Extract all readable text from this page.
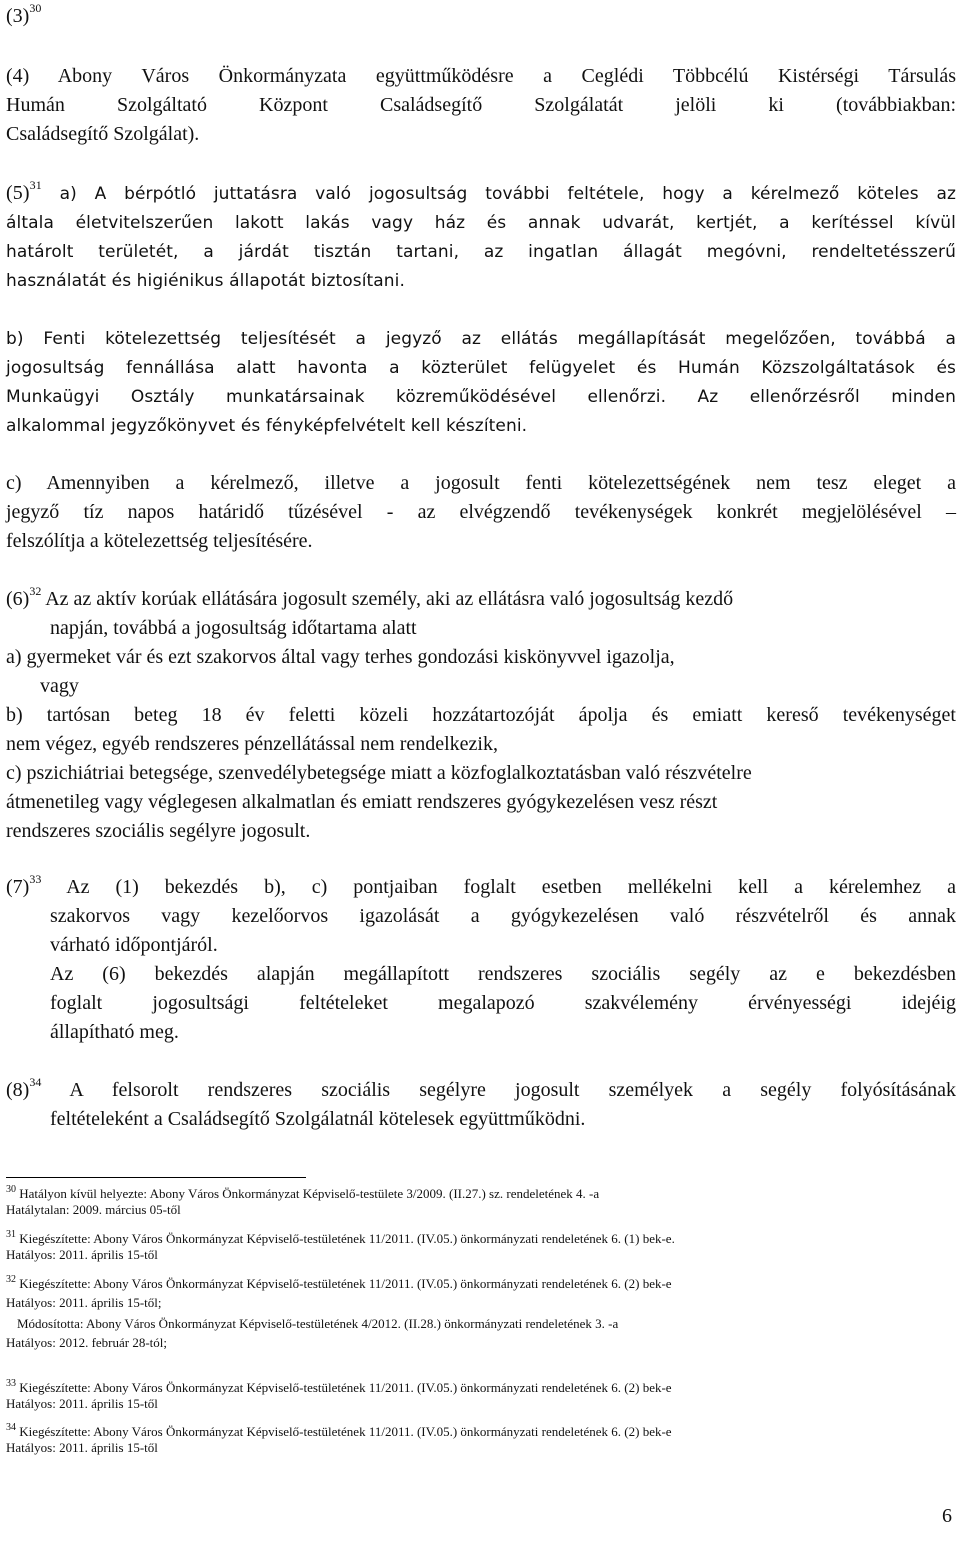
$(3)^{30}$
(4) Abony Város Önkormányzata együttműködésre a Ceglédi Többcélú Kistérségi Társulás
Humán Szolgáltató Központ Családsegítő Szolgálatát jelöli ki (továbbiakban:
Családsegítő Szolgálat).
$(5)^{31}$ a) A bérpótló juttatásra való jogosultság további feltétele, hogy a kérelmező köteles az
általa életvitelszerűen lakott lakás vagy ház és annak udvarát, kertjét, a kerítéssel kívül
határolt területét, a járdát tisztán tartani, az ingatlan állagát megóvni, rendeltetésszerű
használatát és higiénikus állapotát biztosítani.
b) Fenti kötelezettség teljesítését a jegyző az ellátás megállapítását megelőzően, továbbá a
jogosultság fennállása alatt havonta a közterület felügyelet és Humán Közszolgáltatások és
Munkaügyi Osztály munkatársainak közreműködésével ellenőrzi. Az ellenőrzésről minden
alkalommal jegyzőkönyvet és fényképfelvételt kell készíteni.
c) Amennyiben a kérelmező, illetve a jogosult fenti kötelezettségének nem tesz eleget a
jegyző tíz napos határidő tűzésével - az elvégzendő tevékenységek konkrét megjelölésével –
felszólítja a kötelezettség teljesítésére.
$(6)^{32}$ Az az aktív korúak ellátására jogosult személy, aki az ellátásra való jogosultság kezdő
napján, továbbá a jogosultság időtartama alatt
a) gyermeket vár és ezt szakorvos által vagy terhes gondozási kiskönyvvel igazolja,
vagy
b) tartósan beteg 18 év feletti közeli hozzátartozóját ápolja és emiatt kereső tevékenységet
nem végez, egyéb rendszeres pénzellátással nem rendelkezik,
c) pszichiátriai betegsége, szenvedélybetegsége miatt a közfoglalkoztatásban való részvételre
átmenetileg vagy véglegesen alkalmatlan és emiatt rendszeres gyógykezelésen vesz részt
rendszeres szociális segélyre jogosult.
$(7)^{33}$ Az (1) bekezdés b), c) pontjaiban foglalt esetben mellékelni kell a kérelemhez a
szakorvos vagy kezelőorvos igazolását a gyógykezelésen való részvételről és annak
várható időpontjáról.
Az (6) bekezdés alapján megállapított rendszeres szociális segély az e bekezdésben
foglalt jogosultsági feltételeket megalapozó szakvélemény érvényességi idejéig
állapítható meg.
$(8)^{34}$ A felsorolt rendszeres szociális segélyre jogosult személyek a segély folyósításának
feltételeként a Családsegítő Szolgálatnál kötelesek együttműködni.
$^{30}$ Hatályon kívül helyezte: Abony Város Önkormányzat Képviselő-testülete 3/2009. (II.27.) sz. rendeletének 4. -a
Hatálytalan: 2009. március 05-től
$^{31}$ Kiegészítette: Abony Város Önkormányzat Képviselő-testületének 11/2011. (IV.05.) önkormányzati rendeletének 6. (1) bek-e.
Hatályos: 2011. április 15-től
$^{32}$ Kiegészítette: Abony Város Önkormányzat Képviselő-testületének 11/2011. (IV.05.) önkormányzati rendeletének 6. (2) bek-e
Hatályos: 2011. április 15-től;
Módosította: Abony Város Önkormányzat Képviselő-testületének 4/2012. (II.28.) önkormányzati rendeletének 3. -a
Hatályos: 2012. február 28-tól;
$^{33}$ Kiegészítette: Abony Város Önkormányzat Képviselő-testületének 11/2011. (IV.05.) önkormányzati rendeletének 6. (2) bek-e
Hatályos: 2011. április 15-től
$^{34}$ Kiegészítette: Abony Város Önkormányzat Képviselő-testületének 11/2011. (IV.05.) önkormányzati rendeletének 6. (2) bek-e
Hatályos: 2011. április 15-től
6
